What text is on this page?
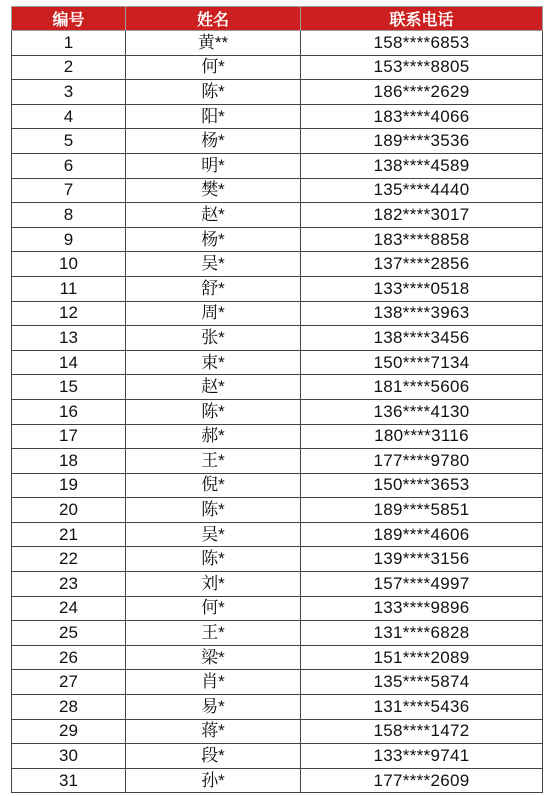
编号	姓名	联系电话
1	黄**	158****6853
2	何*	153****8805
3	陈*	186****2629
4	阳*	183****4066
5	杨*	189****3536
6	明*	138****4589
7	樊*	135****4440
8	赵*	182****3017
9	杨*	183****8858
10	吴*	137****2856
11	舒*	133****0518
12	周*	138****3963
13	张*	138****3456
14	束*	150****7134
15	赵*	181****5606
16	陈*	136****4130
17	郝*	180****3116
18	王*	177****9780
19	倪*	150****3653
20	陈*	189****5851
21	吴*	189****4606
22	陈*	139****3156
23	刘*	157****4997
24	何*	133****9896
25	王*	131****6828
26	梁*	151****2089
27	肖*	135****5874
28	易*	131****5436
29	蒋*	158****1472
30	段*	133****9741
31	孙*	177****2609
